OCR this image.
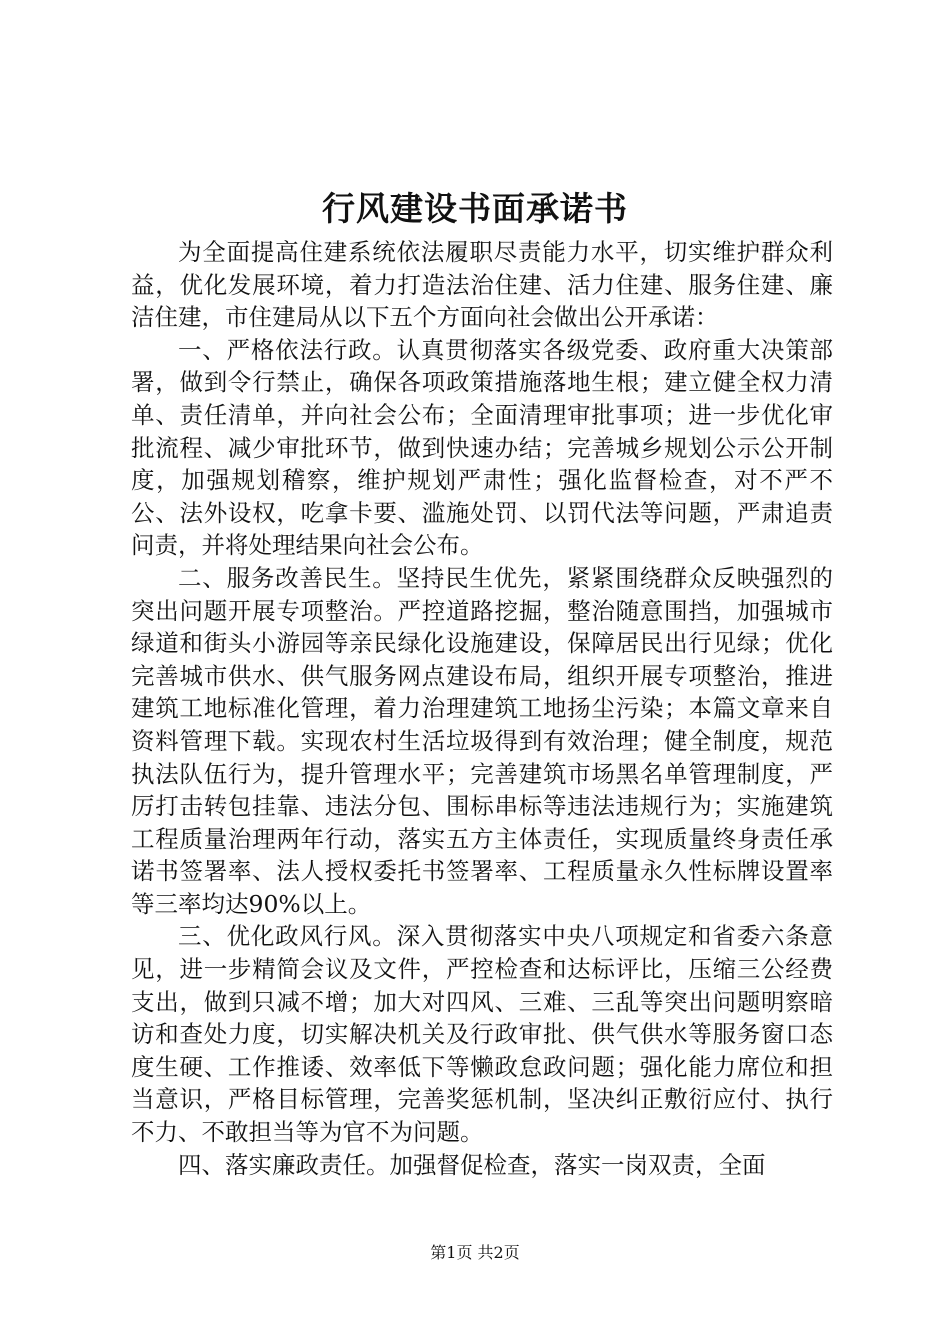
行风建设书面承诺书

为全面提高住建系统依法履职尽责能力水平，切实维护群众利益，优化发展环境，着力打造法治住建、活力住建、服务住建、廉洁住建，市住建局从以下五个方面向社会做出公开承诺：

一、严格依法行政。认真贯彻落实各级党委、政府重大决策部署，做到令行禁止，确保各项政策措施落地生根；建立健全权力清单、责任清单，并向社会公布；全面清理审批事项；进一步优化审批流程、减少审批环节，做到快速办结；完善城乡规划公示公开制度，加强规划稽察，维护规划严肃性；强化监督检查，对不严不公、法外设权，吃拿卡要、滥施处罚、以罚代法等问题，严肃追责问责，并将处理结果向社会公布。

二、服务改善民生。坚持民生优先，紧紧围绕群众反映强烈的突出问题开展专项整治。严控道路挖掘，整治随意围挡，加强城市绿道和街头小游园等亲民绿化设施建设，保障居民出行见绿；优化完善城市供水、供气服务网点建设布局，组织开展专项整治，推进建筑工地标准化管理，着力治理建筑工地扬尘污染；本篇文章来自资料管理下载。实现农村生活垃圾得到有效治理；健全制度，规范执法队伍行为，提升管理水平；完善建筑市场黑名单管理制度，严厉打击转包挂靠、违法分包、围标串标等违法违规行为；实施建筑工程质量治理两年行动，落实五方主体责任，实现质量终身责任承诺书签署率、法人授权委托书签署率、工程质量永久性标牌设置率等三率均达90%以上。

三、优化政风行风。深入贯彻落实中央八项规定和省委六条意见，进一步精简会议及文件，严控检查和达标评比，压缩三公经费支出，做到只减不增；加大对四风、三难、三乱等突出问题明察暗访和查处力度，切实解决机关及行政审批、供气供水等服务窗口态度生硬、工作推诿、效率低下等懒政怠政问题；强化能力席位和担当意识，严格目标管理，完善奖惩机制，坚决纠正敷衍应付、执行不力、不敢担当等为官不为问题。

四、落实廉政责任。加强督促检查，落实一岗双责，全面

第1页 共2页
